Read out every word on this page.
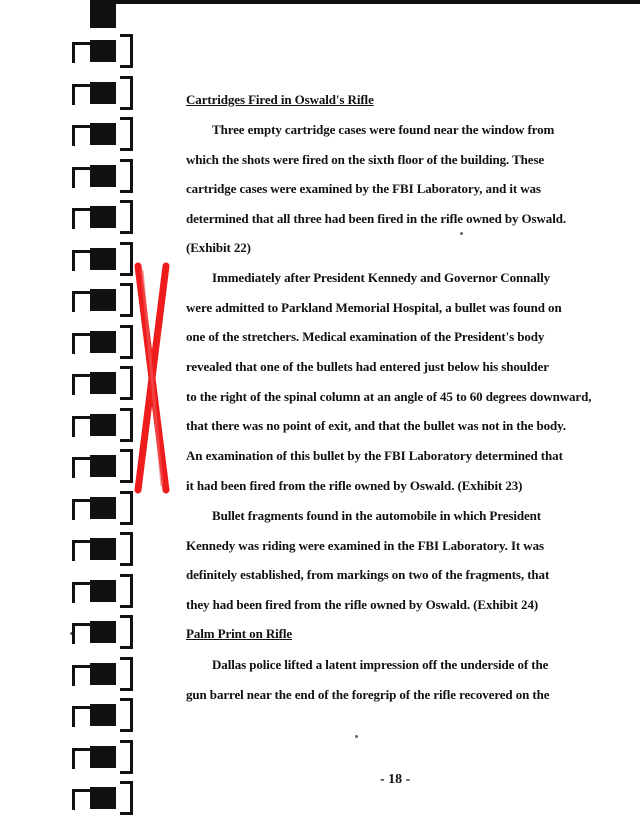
Cartridges Fired in Oswald's Rifle
Three empty cartridge cases were found near the window from
which the shots were fired on the sixth floor of the building. These
cartridge cases were examined by the FBI Laboratory, and it was
determined that all three had been fired in the rifle owned by Oswald.
(Exhibit 22)
Immediately after President Kennedy and Governor Connally
were admitted to Parkland Memorial Hospital, a bullet was found on
one of the stretchers. Medical examination of the President's body
revealed that one of the bullets had entered just below his shoulder
to the right of the spinal column at an angle of 45 to 60 degrees downward,
that there was no point of exit, and that the bullet was not in the body.
An examination of this bullet by the FBI Laboratory determined that
it had been fired from the rifle owned by Oswald. (Exhibit 23)
Bullet fragments found in the automobile in which President
Kennedy was riding were examined in the FBI Laboratory. It was
definitely established, from markings on two of the fragments, that
they had been fired from the rifle owned by Oswald. (Exhibit 24)
Palm Print on Rifle
Dallas police lifted a latent impression off the underside of the
gun barrel near the end of the foregrip of the rifle recovered on the
- 18 -
